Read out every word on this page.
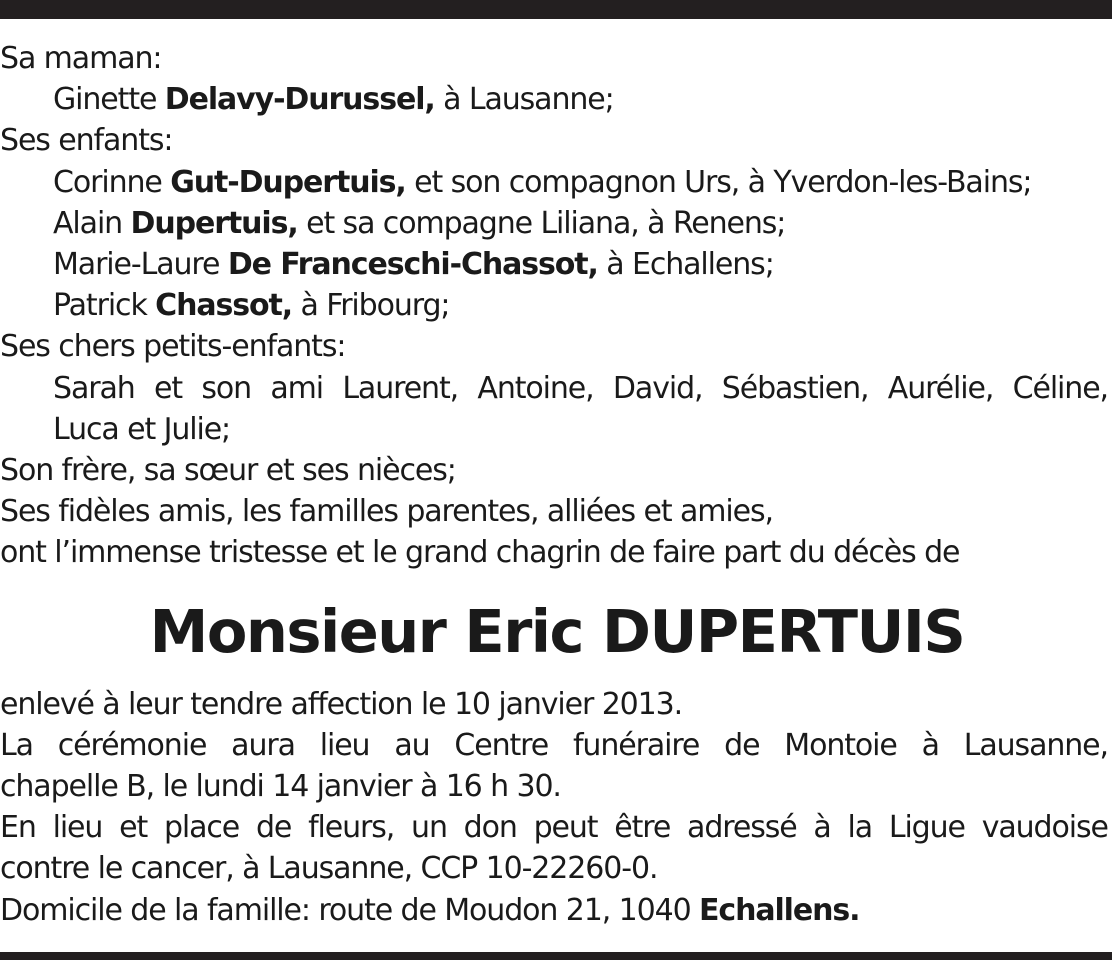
Sa maman:
Ginette Delavy-Durussel, à Lausanne;
Ses enfants:
Corinne Gut-Dupertuis, et son compagnon Urs, à Yverdon-les-Bains;
Alain Dupertuis, et sa compagne Liliana, à Renens;
Marie-Laure De Franceschi-Chassot, à Echallens;
Patrick Chassot, à Fribourg;
Ses chers petits-enfants:
Sarah et son ami Laurent, Antoine, David, Sébastien, Aurélie, Céline,
Luca et Julie;
Son frère, sa sœur et ses nièces;
Ses fidèles amis, les familles parentes, alliées et amies,
ont l’immense tristesse et le grand chagrin de faire part du décès de
Monsieur Eric DUPERTUIS
enlevé à leur tendre affection le 10 janvier 2013.
La cérémonie aura lieu au Centre funéraire de Montoie à Lausanne,
chapelle B, le lundi 14 janvier à 16 h 30.
En lieu et place de fleurs, un don peut être adressé à la Ligue vaudoise
contre le cancer, à Lausanne, CCP 10-22260-0.
Domicile de la famille: route de Moudon 21, 1040 Echallens.
